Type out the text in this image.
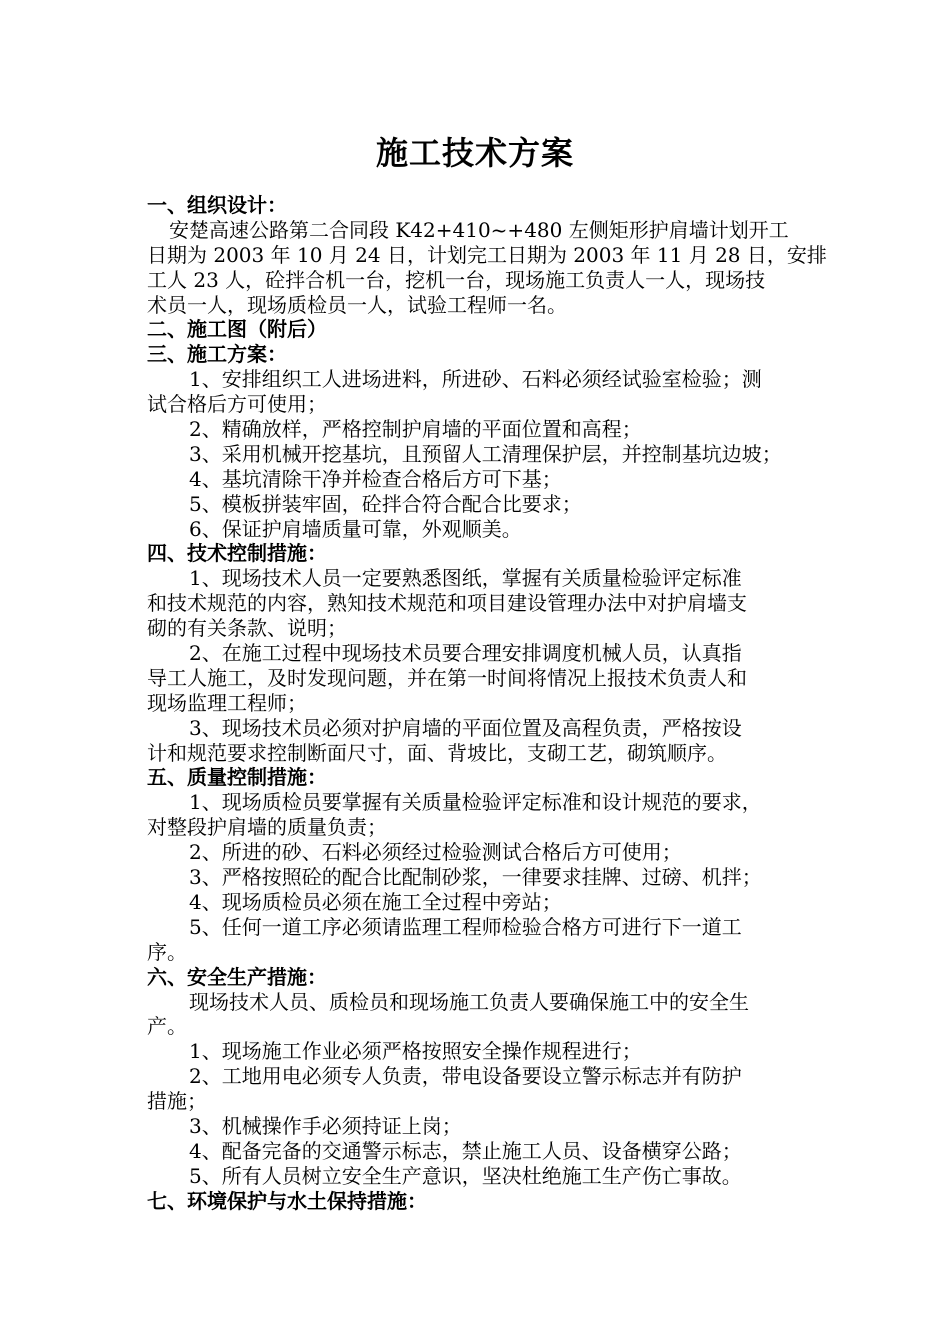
施工技术方案
一、组织设计：
安楚高速公路第二合同段 K42+410~+480 左侧矩形护肩墙计划开工
日期为 2003 年 10 月 24 日，计划完工日期为 2003 年 11 月 28 日，安排
工人 23 人，砼拌合机一台，挖机一台，现场施工负责人一人，现场技
术员一人，现场质检员一人，试验工程师一名。
二、施工图（附后）
三、施工方案：
1、安排组织工人进场进料，所进砂、石料必须经试验室检验；测
试合格后方可使用；
2、精确放样，严格控制护肩墙的平面位置和高程；
3、采用机械开挖基坑，且预留人工清理保护层，并控制基坑边坡；
4、基坑清除干净并检查合格后方可下基；
5、模板拼装牢固，砼拌合符合配合比要求；
6、保证护肩墙质量可靠，外观顺美。
四、技术控制措施：
1、现场技术人员一定要熟悉图纸，掌握有关质量检验评定标准
和技术规范的内容，熟知技术规范和项目建设管理办法中对护肩墙支
砌的有关条款、说明；
2、在施工过程中现场技术员要合理安排调度机械人员，认真指
导工人施工，及时发现问题，并在第一时间将情况上报技术负责人和
现场监理工程师；
3、现场技术员必须对护肩墙的平面位置及高程负责，严格按设
计和规范要求控制断面尺寸，面、背坡比，支砌工艺，砌筑顺序。
五、质量控制措施：
1、现场质检员要掌握有关质量检验评定标准和设计规范的要求，
对整段护肩墙的质量负责；
2、所进的砂、石料必须经过检验测试合格后方可使用；
3、严格按照砼的配合比配制砂浆，一律要求挂牌、过磅、机拌；
4、现场质检员必须在施工全过程中旁站；
5、任何一道工序必须请监理工程师检验合格方可进行下一道工
序。
六、安全生产措施：
现场技术人员、质检员和现场施工负责人要确保施工中的安全生
产。
1、现场施工作业必须严格按照安全操作规程进行；
2、工地用电必须专人负责，带电设备要设立警示标志并有防护
措施；
3、机械操作手必须持证上岗；
4、配备完备的交通警示标志，禁止施工人员、设备横穿公路；
5、所有人员树立安全生产意识，坚决杜绝施工生产伤亡事故。
七、环境保护与水土保持措施：
